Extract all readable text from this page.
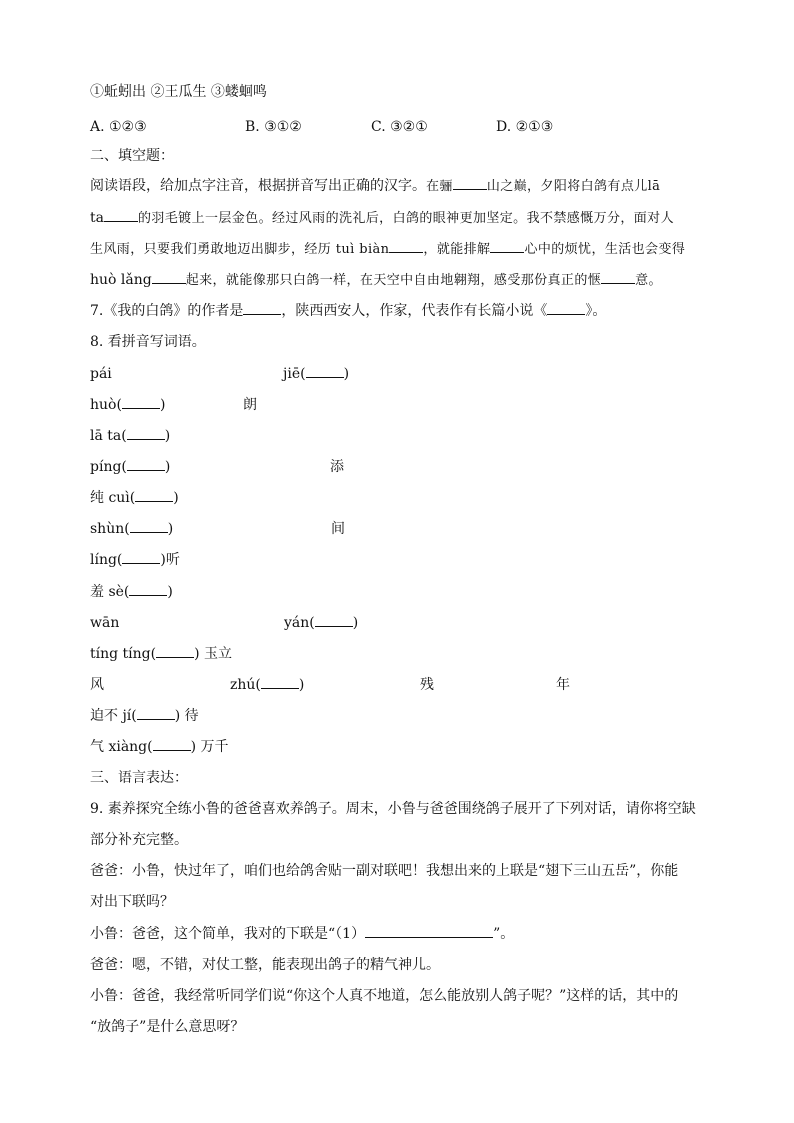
①蚯蚓出 ②王瓜生 ③蝼蛔鸣
A. ①②③	B. ③①②	C. ③②①	D. ②①③
二、填空题：
阅读语段，给加点字注音，根据拼音写出正确的汉字。在骊	山之巅，夕阳将白鸽有点儿lā
ta	的羽毛镀上一层金色。经过风雨的洗礼后，白鸽的眼神更加坚定。我不禁感慨万分，面对人
生风雨，只要我们勇敢地迈出脚步，经历 tuì biàn	，就能排解	心中的烦忧，生活也会变得
huò lǎng	起来，就能像那只白鸽一样，在天空中自由地翱翔，感受那份真正的惬	意。
7.《我的白鸽》的作者是	，陕西西安人，作家，代表作有长篇小说《	》。
8. 看拼音写词语。
pái	jiē(	)
huò(	)	朗
lā ta(	)
píng(	)	添
纯 cuì(	)
shùn(	)	间
líng(	)听
羞 sè(	)
wān	yán(	)
tíng tíng(	) 玉立
风	zhú(	)	残	年
迫不 jí(	) 待
气 xiàng(	) 万千
三、语言表达：
9. 素养探究全练小鲁的爸爸喜欢养鸽子。周末，小鲁与爸爸围绕鸽子展开了下列对话，请你将空缺
部分补充完整。
爸爸：小鲁，快过年了，咱们也给鸽舍贴一副对联吧！我想出来的上联是“翅下三山五岳”，你能
对出下联吗？
小鲁：爸爸，这个简单，我对的下联是“（1）	”。
爸爸：嗯，不错，对仗工整，能表现出鸽子的精气神儿。
小鲁：爸爸，我经常听同学们说“你这个人真不地道，怎么能放别人鸽子呢？”这样的话，其中的
“放鸽子”是什么意思呀？
